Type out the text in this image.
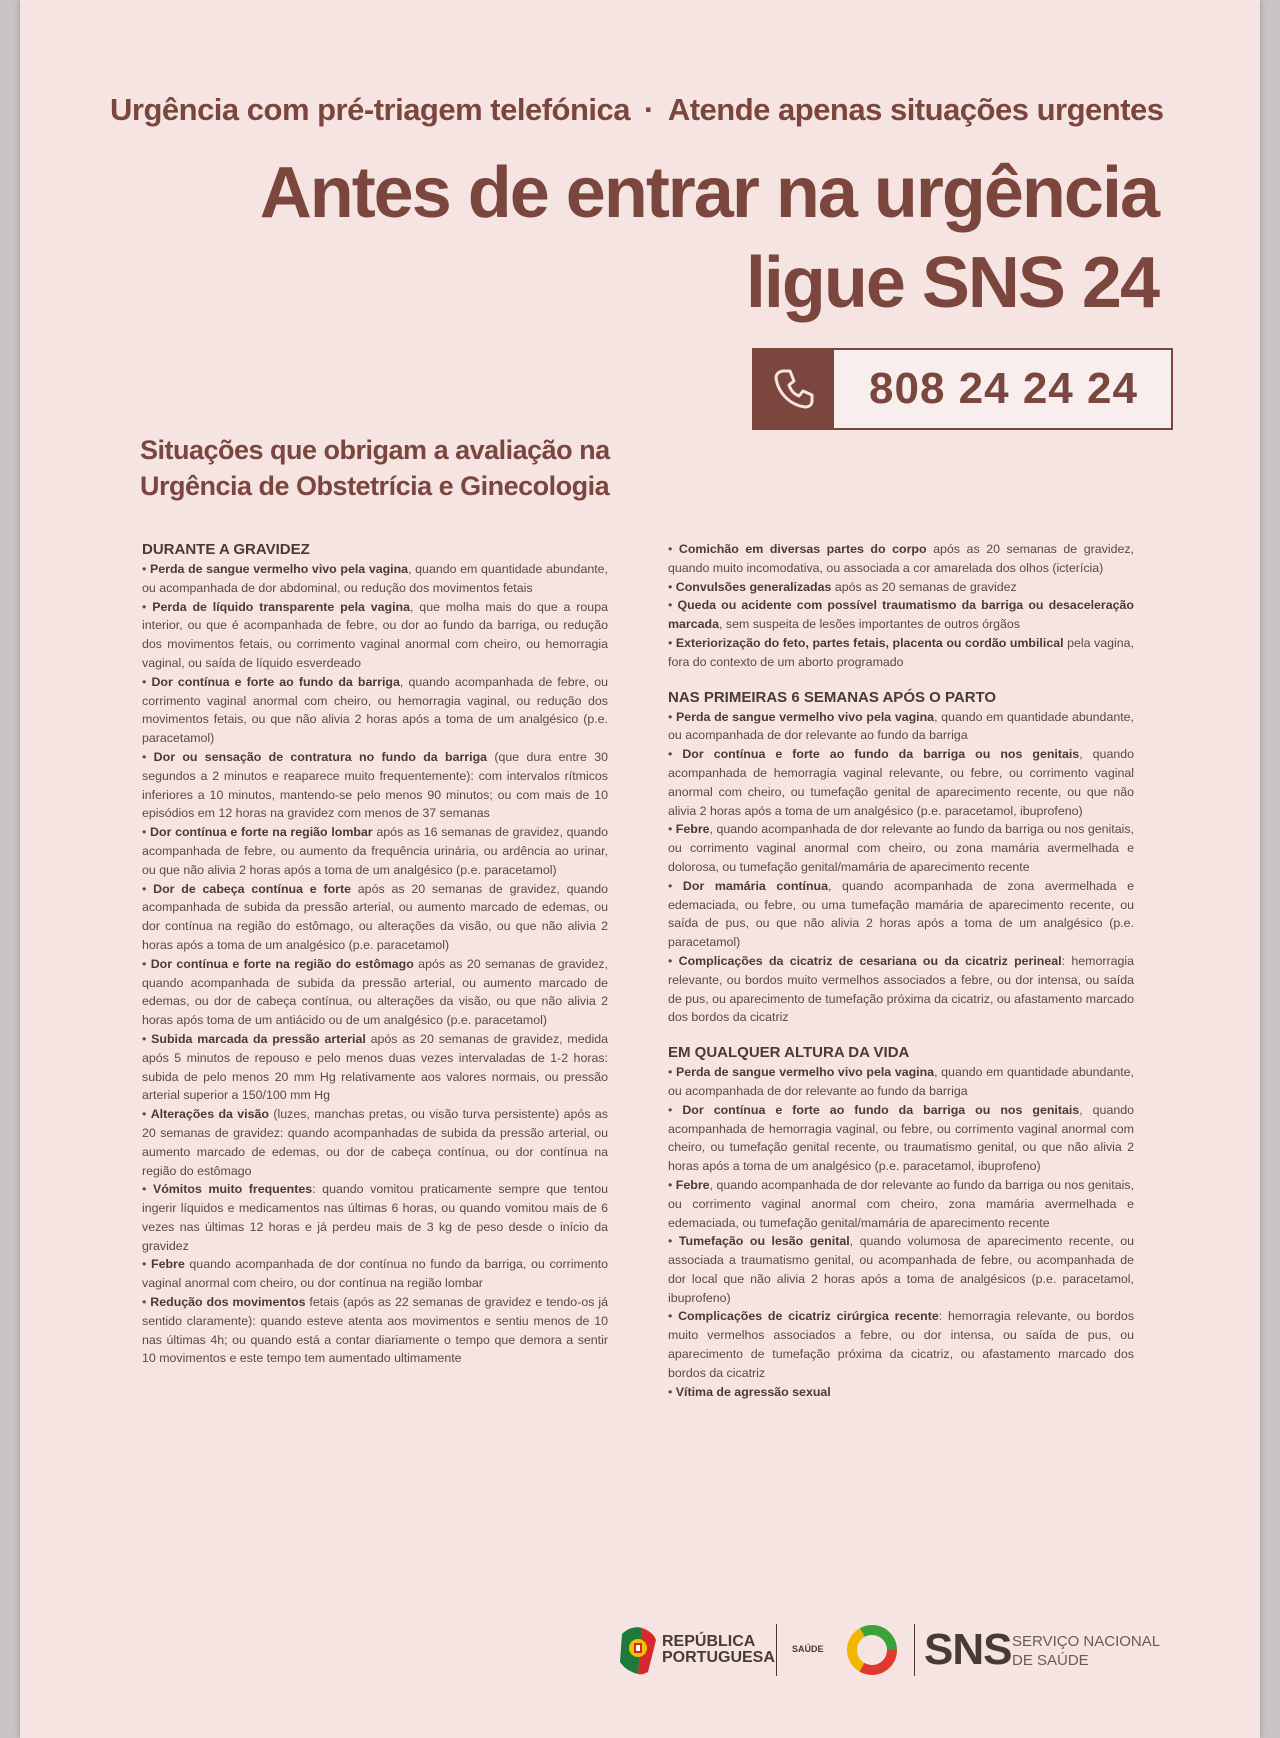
Urgência com pré-triagem telefónica · Atende apenas situações urgentes
Antes de entrar na urgência
ligue SNS 24
808 24 24 24
Situações que obrigam a avaliação na
Urgência de Obstetrícia e Ginecologia
DURANTE A GRAVIDEZ

• Perda de sangue vermelho vivo pela vagina, quando em quantidade abundante, ou acompanhada de dor abdominal, ou redução dos movimentos fetais

• Perda de líquido transparente pela vagina, que molha mais do que a roupa interior, ou que é acompanhada de febre, ou dor ao fundo da barriga, ou redução dos movimentos fetais, ou corrimento vaginal anormal com cheiro, ou hemorragia vaginal, ou saída de líquido esverdeado

• Dor contínua e forte ao fundo da barriga, quando acompanhada de febre, ou corrimento vaginal anormal com cheiro, ou hemorragia vaginal, ou redução dos movimentos fetais, ou que não alivia 2 horas após a toma de um analgésico (p.e. paracetamol)

• Dor ou sensação de contratura no fundo da barriga (que dura entre 30 segundos a 2 minutos e reaparece muito frequentemente): com intervalos rítmicos inferiores a 10 minutos, mantendo-se pelo menos 90 minutos; ou com mais de 10 episódios em 12 horas na gravidez com menos de 37 semanas

• Dor contínua e forte na região lombar após as 16 semanas de gravidez, quando acompanhada de febre, ou aumento da frequência urinária, ou ardência ao urinar, ou que não alivia 2 horas após a toma de um analgésico (p.e. paracetamol)

• Dor de cabeça contínua e forte após as 20 semanas de gravidez, quando acompanhada de subida da pressão arterial, ou aumento marcado de edemas, ou dor contínua na região do estômago, ou alterações da visão, ou que não alivia 2 horas após a toma de um analgésico (p.e. paracetamol)

• Dor contínua e forte na região do estômago após as 20 semanas de gravidez, quando acompanhada de subida da pressão arterial, ou aumento marcado de edemas, ou dor de cabeça contínua, ou alterações da visão, ou que não alivia 2 horas após toma de um antiácido ou de um analgésico (p.e. paracetamol)

• Subida marcada da pressão arterial após as 20 semanas de gravidez, medida após 5 minutos de repouso e pelo menos duas vezes intervaladas de 1-2 horas: subida de pelo menos 20 mm Hg relativamente aos valores normais, ou pressão arterial superior a 150/100 mm Hg

• Alterações da visão (luzes, manchas pretas, ou visão turva persistente) após as 20 semanas de gravidez: quando acompanhadas de subida da pressão arterial, ou aumento marcado de edemas, ou dor de cabeça contínua, ou dor contínua na região do estômago

• Vómitos muito frequentes: quando vomitou praticamente sempre que tentou ingerir líquidos e medicamentos nas últimas 6 horas, ou quando vomitou mais de 6 vezes nas últimas 12 horas e já perdeu mais de 3 kg de peso desde o início da gravidez

• Febre quando acompanhada de dor contínua no fundo da barriga, ou corrimento vaginal anormal com cheiro, ou dor contínua na região lombar

• Redução dos movimentos fetais (após as 22 semanas de gravidez e tendo-os já sentido claramente): quando esteve atenta aos movimentos e sentiu menos de 10 nas últimas 4h; ou quando está a contar diariamente o tempo que demora a sentir 10 movimentos e este tempo tem aumentado ultimamente

• Comichão em diversas partes do corpo após as 20 semanas de gravidez, quando muito incomodativa, ou associada a cor amarelada dos olhos (icterícia)

• Convulsões generalizadas após as 20 semanas de gravidez

• Queda ou acidente com possível traumatismo da barriga ou desaceleração marcada, sem suspeita de lesões importantes de outros órgãos

• Exteriorização do feto, partes fetais, placenta ou cordão umbilical pela vagina, fora do contexto de um aborto programado

NAS PRIMEIRAS 6 SEMANAS APÓS O PARTO

• Perda de sangue vermelho vivo pela vagina, quando em quantidade abundante, ou acompanhada de dor relevante ao fundo da barriga

• Dor contínua e forte ao fundo da barriga ou nos genitais, quando acompanhada de hemorragia vaginal relevante, ou febre, ou corrimento vaginal anormal com cheiro, ou tumefação genital de aparecimento recente, ou que não alivia 2 horas após a toma de um analgésico (p.e. paracetamol, ibuprofeno)

• Febre, quando acompanhada de dor relevante ao fundo da barriga ou nos genitais, ou corrimento vaginal anormal com cheiro, ou zona mamária avermelhada e dolorosa, ou tumefação genital/mamária de aparecimento recente

• Dor mamária contínua, quando acompanhada de zona avermelhada e edemaciada, ou febre, ou uma tumefação mamária de aparecimento recente, ou saída de pus, ou que não alivia 2 horas após a toma de um analgésico (p.e. paracetamol)

• Complicações da cicatriz de cesariana ou da cicatriz perineal: hemorragia relevante, ou bordos muito vermelhos associados a febre, ou dor intensa, ou saída de pus, ou aparecimento de tumefação próxima da cicatriz, ou afastamento marcado dos bordos da cicatriz

EM QUALQUER ALTURA DA VIDA

• Perda de sangue vermelho vivo pela vagina, quando em quantidade abundante, ou acompanhada de dor relevante ao fundo da barriga

• Dor contínua e forte ao fundo da barriga ou nos genitais, quando acompanhada de hemorragia vaginal, ou febre, ou corrimento vaginal anormal com cheiro, ou tumefação genital recente, ou traumatismo genital, ou que não alivia 2 horas após a toma de um analgésico (p.e. paracetamol, ibuprofeno)

• Febre, quando acompanhada de dor relevante ao fundo da barriga ou nos genitais, ou corrimento vaginal anormal com cheiro, zona mamária avermelhada e edemaciada, ou tumefação genital/mamária de aparecimento recente

• Tumefação ou lesão genital, quando volumosa de aparecimento recente, ou associada a traumatismo genital, ou acompanhada de febre, ou acompanhada de dor local que não alivia 2 horas após a toma de analgésicos (p.e. paracetamol, ibuprofeno)

• Complicações de cicatriz cirúrgica recente: hemorragia relevante, ou bordos muito vermelhos associados a febre, ou dor intensa, ou saída de pus, ou aparecimento de tumefação próxima da cicatriz, ou afastamento marcado dos bordos da cicatriz

• Vítima de agressão sexual

REPÚBLICA
PORTUGUESA SAÚDE SNS SERVIÇO NACIONAL
DE SAÚDE
